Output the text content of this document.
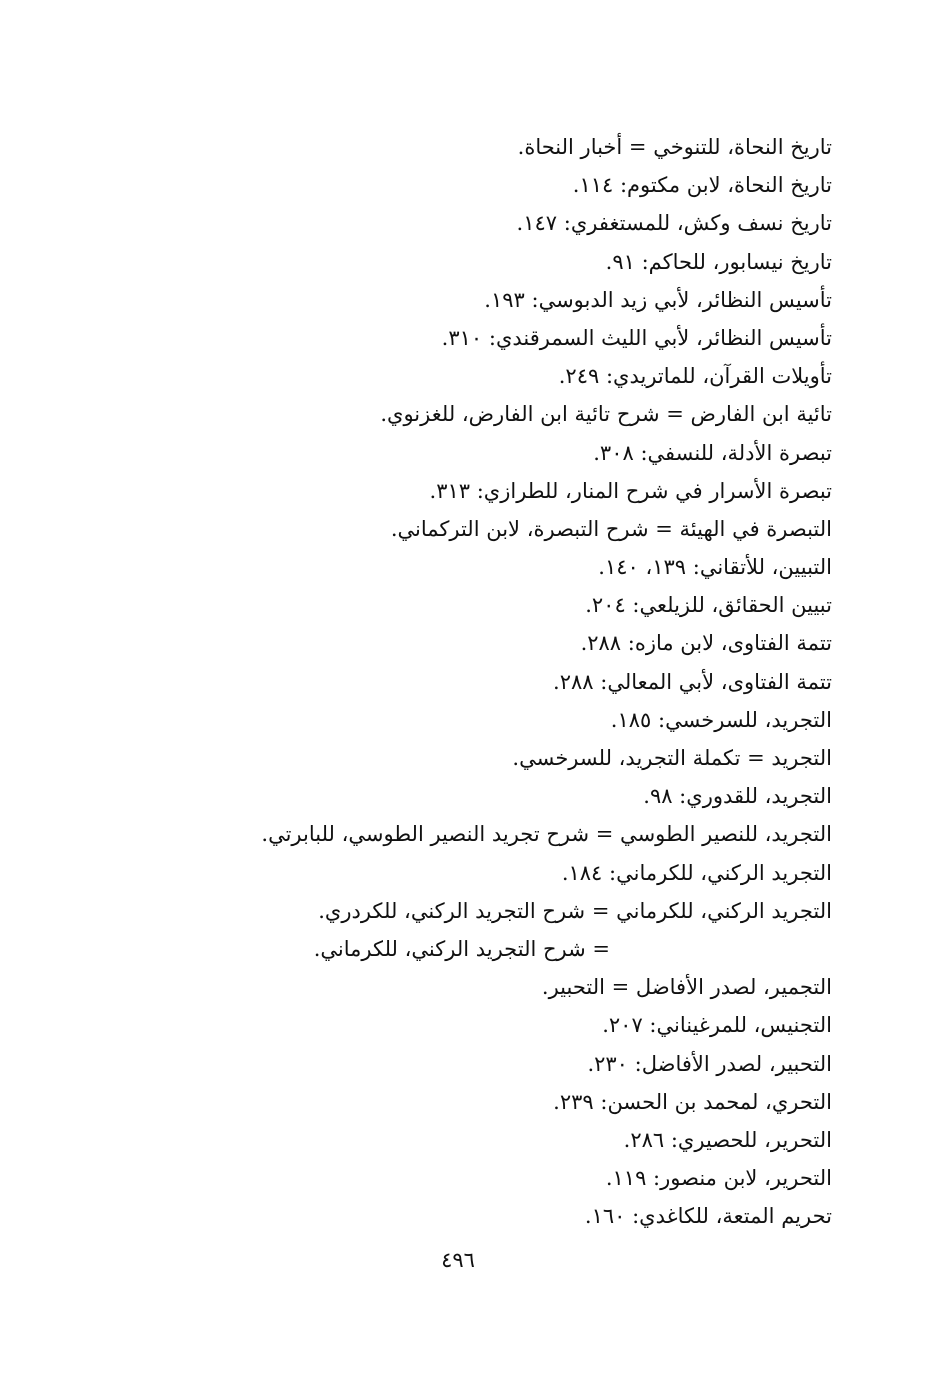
تاريخ النحاة، للتنوخي = أخبار النحاة.
تاريخ النحاة، لابن مكتوم: ١١٤.
تاريخ نسف وكش، للمستغفري: ١٤٧.
تاريخ نيسابور، للحاكم: ٩١.
تأسيس النظائر، لأبي زيد الدبوسي: ١٩٣.
تأسيس النظائر، لأبي الليث السمرقندي: ٣١٠.
تأويلات القرآن، للماتريدي: ٢٤٩.
تائية ابن الفارض = شرح تائية ابن الفارض، للغزنوي.
تبصرة الأدلة، للنسفي: ٣٠٨.
تبصرة الأسرار في شرح المنار، للطرازي: ٣١٣.
التبصرة في الهيئة = شرح التبصرة، لابن التركماني.
التبيين، للأتقاني: ١٣٩، ١٤٠.
تبيين الحقائق، للزيلعي: ٢٠٤.
تتمة الفتاوى، لابن مازه: ٢٨٨.
تتمة الفتاوى، لأبي المعالي: ٢٨٨.
التجريد، للسرخسي: ١٨٥.
التجريد = تكملة التجريد، للسرخسي.
التجريد، للقدوري: ٩٨.
التجريد، للنصير الطوسي = شرح تجريد النصير الطوسي، للبابرتي.
التجريد الركني، للكرماني: ١٨٤.
التجريد الركني، للكرماني = شرح التجريد الركني، للكردري.
= شرح التجريد الركني، للكرماني.
التجمير، لصدر الأفاضل = التحبير.
التجنيس، للمرغيناني: ٢٠٧.
التحبير، لصدر الأفاضل: ٢٣٠.
التحري، لمحمد بن الحسن: ٢٣٩.
التحرير، للحصيري: ٢٨٦.
التحرير، لابن منصور: ١١٩.
تحريم المتعة، للكاغدي: ١٦٠.
٤٩٦
